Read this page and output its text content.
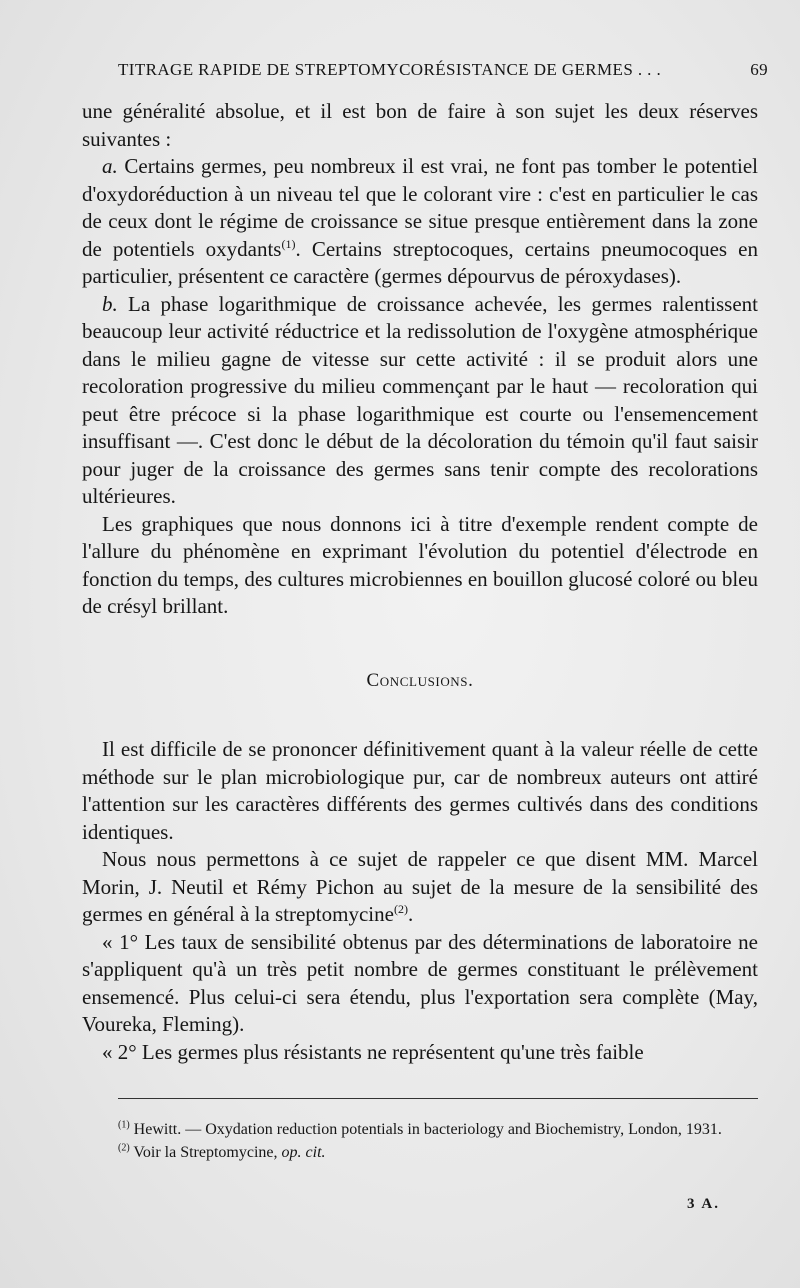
TITRAGE RAPIDE DE STREPTOMYCORÉSISTANCE DE GERMES . . .	69

une généralité absolue, et il est bon de faire à son sujet les deux réserves suivantes :

a. Certains germes, peu nombreux il est vrai, ne font pas tomber le potentiel d'oxydoréduction à un niveau tel que le colorant vire : c'est en particulier le cas de ceux dont le régime de croissance se situe presque entièrement dans la zone de potentiels oxydants$^{(1)}$. Certains streptocoques, certains pneumocoques en particulier, présentent ce caractère (germes dépourvus de péroxydases).

b. La phase logarithmique de croissance achevée, les germes ralentissent beaucoup leur activité réductrice et la redissolution de l'oxygène atmosphérique dans le milieu gagne de vitesse sur cette activité : il se produit alors une recoloration progressive du milieu commençant par le haut — recoloration qui peut être précoce si la phase logarithmique est courte ou l'ensemencement insuffisant —. C'est donc le début de la décoloration du témoin qu'il faut saisir pour juger de la croissance des germes sans tenir compte des recolorations ultérieures.

Les graphiques que nous donnons ici à titre d'exemple rendent compte de l'allure du phénomène en exprimant l'évolution du potentiel d'électrode en fonction du temps, des cultures microbiennes en bouillon glucosé coloré ou bleu de crésyl brillant.

Conclusions.

Il est difficile de se prononcer définitivement quant à la valeur réelle de cette méthode sur le plan microbiologique pur, car de nombreux auteurs ont attiré l'attention sur les caractères différents des germes cultivés dans des conditions identiques.

Nous nous permettons à ce sujet de rappeler ce que disent MM. Marcel Morin, J. Neutil et Rémy Pichon au sujet de la mesure de la sensibilité des germes en général à la streptomycine$^{(2)}$.

« 1° Les taux de sensibilité obtenus par des déterminations de laboratoire ne s'appliquent qu'à un très petit nombre de germes constituant le prélèvement ensemencé. Plus celui-ci sera étendu, plus l'exportation sera complète (May, Voureka, Fleming).

« 2° Les germes plus résistants ne représentent qu'une très faible

$^{(1)}$ Hewitt. — Oxydation reduction potentials in bacteriology and Biochemistry, London, 1931.

$^{(2)}$ Voir la Streptomycine, op. cit.

3 A.
